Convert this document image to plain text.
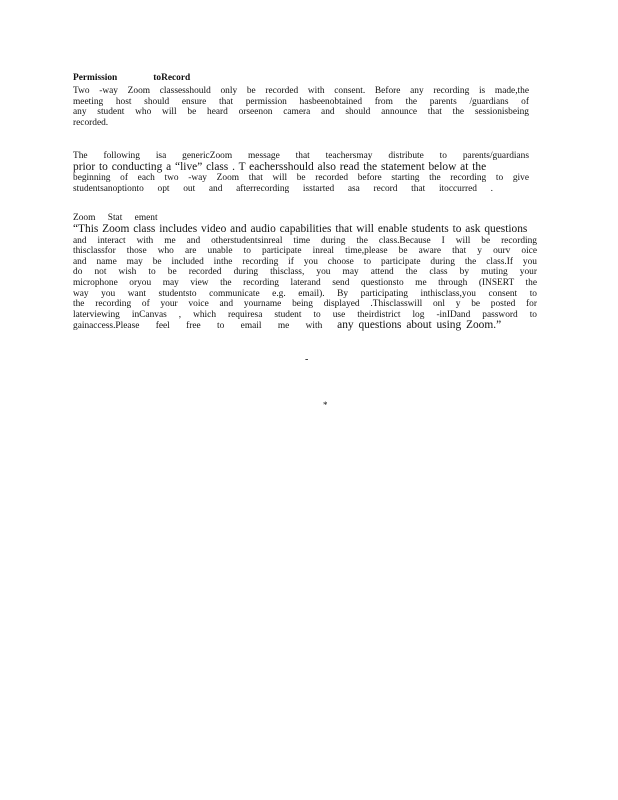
Permission	toRecord
Two -way Zoom classesshould only be recorded with consent. Before any recording is made,the
meeting host should ensure that permission hasbeenobtained from the parents /guardians of
any student who will be heard orseenon camera and should announce that the sessionisbeing
recorded.
The following isa genericZoom message that teachersmay distribute to parents/guardians
prior to conducting a “live” class . T eachersshould also read the statement below at the
beginning of each two -way Zoom that will be recorded before starting the recording to give
studentsanoptionto opt out and afterrecording isstarted asa record that itoccurred .
Zoom Stat ement
“This Zoom class includes video and audio capabilities that will enable students to ask questions
and interact with me and otherstudentsinreal time during the class.Because I will be recording
thisclassfor those who are unable to participate inreal time,please be aware that y ourv oice
and name may be included inthe recording if you choose to participate during the class.If you
do not wish to be recorded during thisclass, you may attend the class by muting your
microphone oryou may view the recording laterand send questionsto me through (INSERT the
way you want studentsto communicate e.g. email). By participating inthisclass,you consent to
the recording of your voice and yourname being displayed .Thisclasswill onl y be posted for
laterviewing inCanvas , which requiresa student to use theirdistrict log -inIDand password to
gainaccess.Please feel free to email me with any questions about using Zoom.”
-
*
